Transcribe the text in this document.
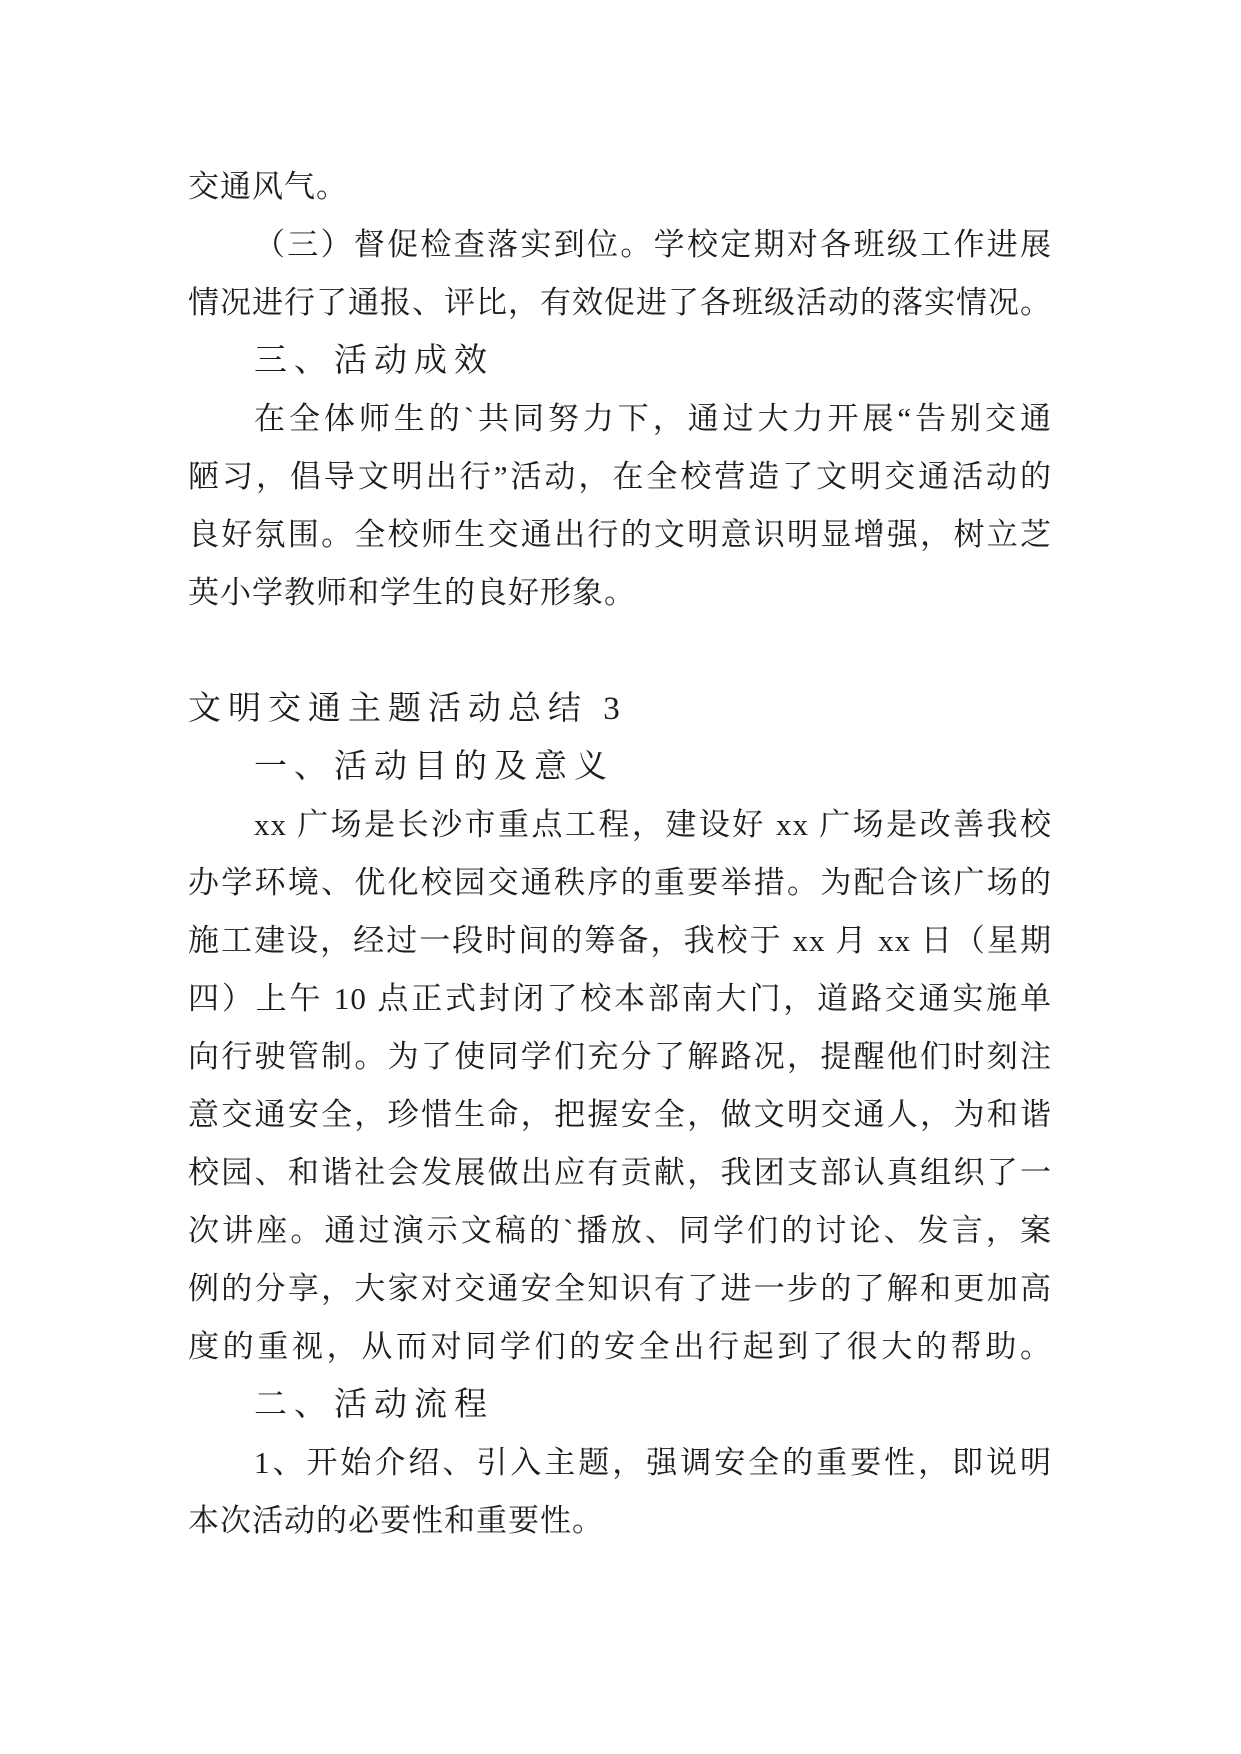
交通风气。
（三）督促检查落实到位。学校定期对各班级工作进展
情况进行了通报、评比，有效促进了各班级活动的落实情况。
三、活动成效
在全体师生的`共同努力下，通过大力开展“告别交通
陋习，倡导文明出行”活动，在全校营造了文明交通活动的
良好氛围。全校师生交通出行的文明意识明显增强，树立芝
英小学教师和学生的良好形象。
文明交通主题活动总结 3
一、活动目的及意义
xx 广场是长沙市重点工程，建设好 xx 广场是改善我校
办学环境、优化校园交通秩序的重要举措。为配合该广场的
施工建设，经过一段时间的筹备，我校于 xx 月 xx 日（星期
四）上午 10 点正式封闭了校本部南大门，道路交通实施单
向行驶管制。为了使同学们充分了解路况，提醒他们时刻注
意交通安全，珍惜生命，把握安全，做文明交通人，为和谐
校园、和谐社会发展做出应有贡献，我团支部认真组织了一
次讲座。通过演示文稿的`播放、同学们的讨论、发言，案
例的分享，大家对交通安全知识有了进一步的了解和更加高
度的重视，从而对同学们的安全出行起到了很大的帮助。
二、活动流程
1、开始介绍、引入主题，强调安全的重要性，即说明
本次活动的必要性和重要性。
